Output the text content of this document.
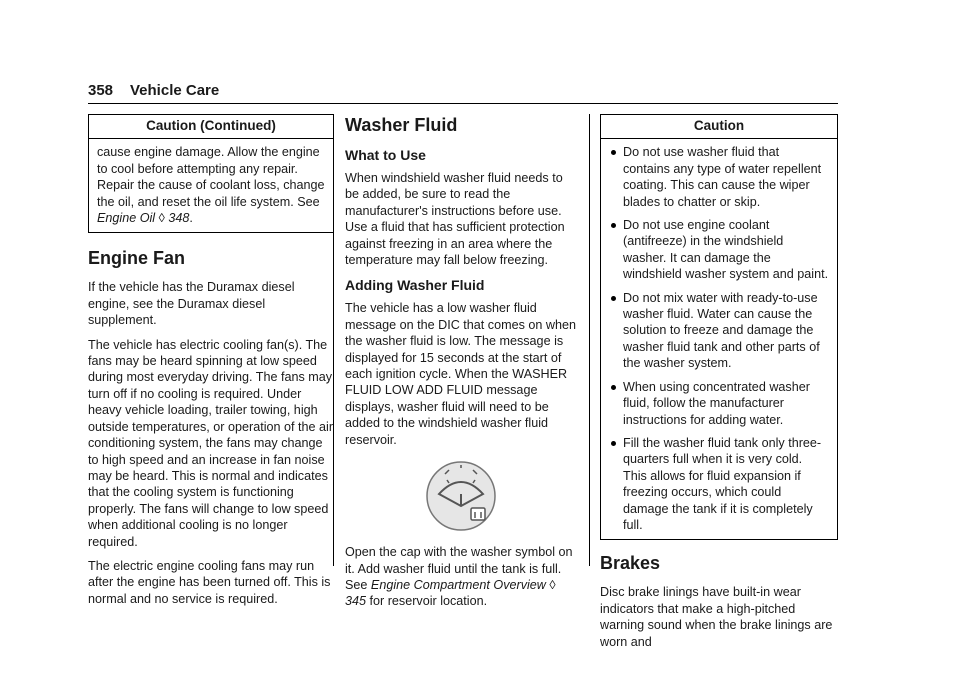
358 Vehicle Care
Caution (Continued)
cause engine damage. Allow the engine to cool before attempting any repair. Repair the cause of coolant loss, change the oil, and reset the oil life system. See Engine Oil ◊ 348.
Engine Fan

If the vehicle has the Duramax diesel engine, see the Duramax diesel supplement.

The vehicle has electric cooling fan(s). The fans may be heard spinning at low speed during most everyday driving. The fans may turn off if no cooling is required. Under heavy vehicle loading, trailer towing, high outside temperatures, or operation of the air conditioning system, the fans may change to high speed and an increase in fan noise may be heard. This is normal and indicates that the cooling system is functioning properly. The fans will change to low speed when additional cooling is no longer required.

The electric engine cooling fans may run after the engine has been turned off. This is normal and no service is required.

Washer Fluid
What to Use

When windshield washer fluid needs to be added, be sure to read the manufacturer's instructions before use. Use a fluid that has sufficient protection against freezing in an area where the temperature may fall below freezing.

Adding Washer Fluid

The vehicle has a low washer fluid message on the DIC that comes on when the washer fluid is low. The message is displayed for 15 seconds at the start of each ignition cycle. When the WASHER FLUID LOW ADD FLUID message displays, washer fluid will need to be added to the windshield washer fluid reservoir.

Open the cap with the washer symbol on it. Add washer fluid until the tank is full. See Engine Compartment Overview ◊ 345 for reservoir location.

Caution
Do not use washer fluid that contains any type of water repellent coating. This can cause the wiper blades to chatter or skip.
Do not use engine coolant (antifreeze) in the windshield washer. It can damage the windshield washer system and paint.
Do not mix water with ready-to-use washer fluid. Water can cause the solution to freeze and damage the washer fluid tank and other parts of the washer system.
When using concentrated washer fluid, follow the manufacturer instructions for adding water.
Fill the washer fluid tank only three-quarters full when it is very cold. This allows for fluid expansion if freezing occurs, which could damage the tank if it is completely full.
Brakes

Disc brake linings have built-in wear indicators that make a high-pitched warning sound when the brake linings are worn and
